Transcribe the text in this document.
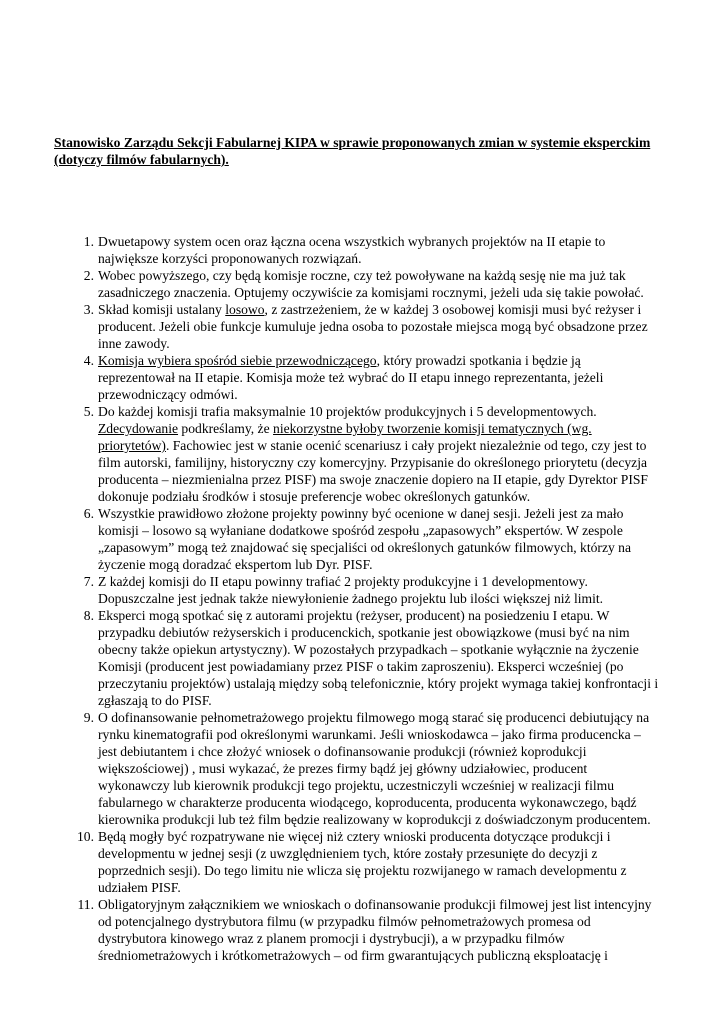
Stanowisko Zarządu Sekcji Fabularnej KIPA w sprawie proponowanych zmian w systemie eksperckim
(dotyczy filmów fabularnych).
1. Dwuetapowy system ocen oraz łączna ocena wszystkich wybranych projektów na II etapie to
największe korzyści proponowanych rozwiązań.
2. Wobec powyższego, czy będą komisje roczne, czy też powoływane na każdą sesję nie ma już tak
zasadniczego znaczenia. Optujemy oczywiście za komisjami rocznymi, jeżeli uda się takie powołać.
3. Skład komisji ustalany losowo, z zastrzeżeniem, że w każdej 3 osobowej komisji musi być reżyser i
producent. Jeżeli obie funkcje kumuluje jedna osoba to pozostałe miejsca mogą być obsadzone przez
inne zawody.
4. Komisja wybiera spośród siebie przewodniczącego, który prowadzi spotkania i będzie ją
reprezentował na II etapie. Komisja może też wybrać do II etapu innego reprezentanta, jeżeli
przewodniczący odmówi.
5. Do każdej komisji trafia maksymalnie 10 projektów produkcyjnych i 5 developmentowych.
Zdecydowanie podkreślamy, że niekorzystne byłoby tworzenie komisji tematycznych (wg.
priorytetów). Fachowiec jest w stanie ocenić scenariusz i cały projekt niezależnie od tego, czy jest to
film autorski, familijny, historyczny czy komercyjny. Przypisanie do określonego priorytetu (decyzja
producenta – niezmienialna przez PISF) ma swoje znaczenie dopiero na II etapie, gdy Dyrektor PISF
dokonuje podziału środków i stosuje preferencje wobec określonych gatunków.
6. Wszystkie prawidłowo złożone projekty powinny być ocenione w danej sesji. Jeżeli jest za mało
komisji – losowo są wyłaniane dodatkowe spośród zespołu „zapasowych” ekspertów. W zespole
„zapasowym” mogą też znajdować się specjaliści od określonych gatunków filmowych, którzy na
życzenie mogą doradzać ekspertom lub Dyr. PISF.
7. Z każdej komisji do II etapu powinny trafiać 2 projekty produkcyjne i 1 developmentowy.
Dopuszczalne jest jednak także niewyłonienie żadnego projektu lub ilości większej niż limit.
8. Eksperci mogą spotkać się z autorami projektu (reżyser, producent) na posiedzeniu I etapu. W
przypadku debiutów reżyserskich i producenckich, spotkanie jest obowiązkowe (musi być na nim
obecny także opiekun artystyczny). W pozostałych przypadkach – spotkanie wyłącznie na życzenie
Komisji (producent jest powiadamiany przez PISF o takim zaproszeniu). Eksperci wcześniej (po
przeczytaniu projektów) ustalają między sobą telefonicznie, który projekt wymaga takiej konfrontacji i
zgłaszają to do PISF.
9. O dofinansowanie pełnometrażowego projektu filmowego mogą starać się producenci debiutujący na
rynku kinematografii pod określonymi warunkami. Jeśli wnioskodawca – jako firma producencka –
jest debiutantem i chce złożyć wniosek o dofinansowanie produkcji (również koprodukcji
większościowej) , musi wykazać, że prezes firmy bądź jej główny udziałowiec, producent
wykonawczy lub kierownik produkcji tego projektu, uczestniczyli wcześniej w realizacji filmu
fabularnego w charakterze producenta wiodącego, koproducenta, producenta wykonawczego, bądź
kierownika produkcji lub też film będzie realizowany w koprodukcji z doświadczonym producentem.
10. Będą mogły być rozpatrywane nie więcej niż cztery wnioski producenta dotyczące produkcji i
developmentu w jednej sesji (z uwzględnieniem tych, które zostały przesunięte do decyzji z
poprzednich sesji). Do tego limitu nie wlicza się projektu rozwijanego w ramach developmentu z
udziałem PISF.
11. Obligatoryjnym załącznikiem we wnioskach o dofinansowanie produkcji filmowej jest list intencyjny
od potencjalnego dystrybutora filmu (w przypadku filmów pełnometrażowych promesa od
dystrybutora kinowego wraz z planem promocji i dystrybucji), a w przypadku filmów
średniometrażowych i krótkometrażowych – od firm gwarantujących publiczną eksploatację i
